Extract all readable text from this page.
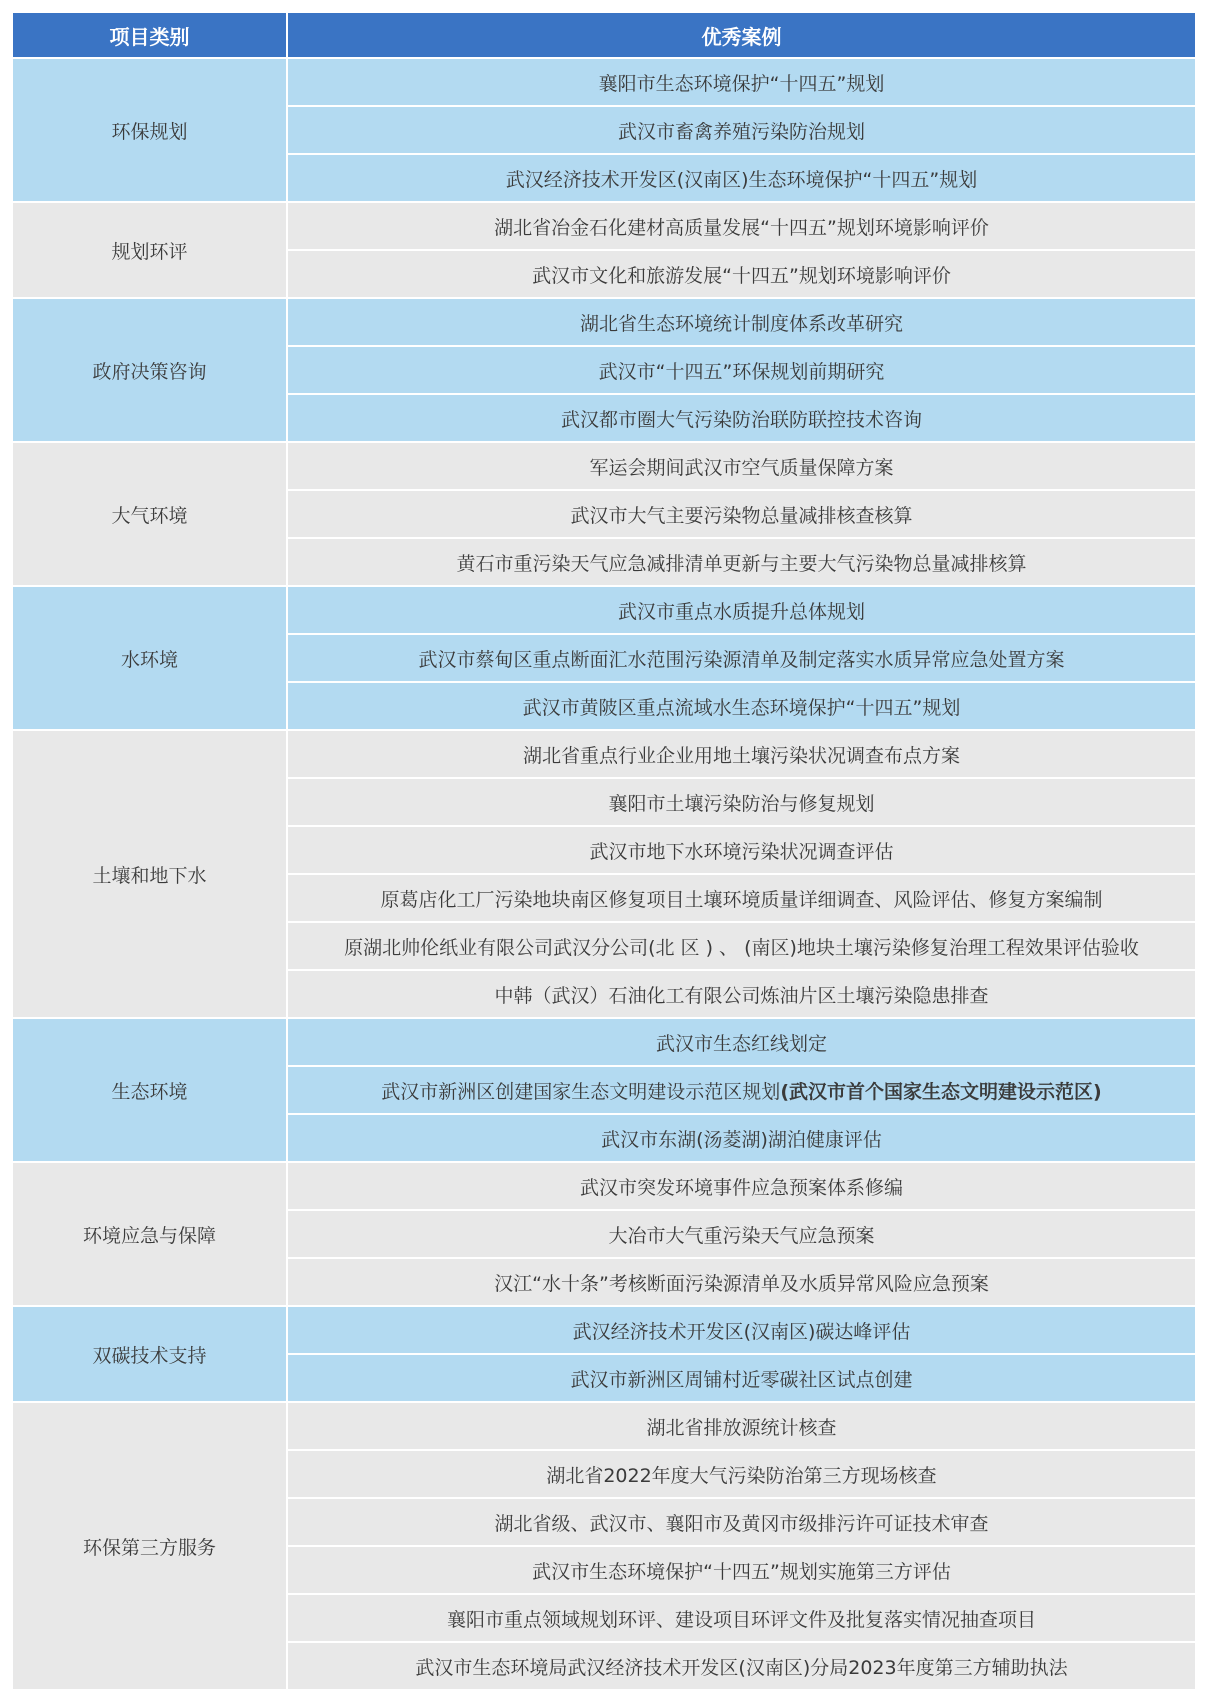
项目类别	优秀案例
环保规划	襄阳市生态环境保护“十四五”规划
	武汉市畜禽养殖污染防治规划
	武汉经济技术开发区(汉南区)生态环境保护“十四五”规划
规划环评	湖北省冶金石化建材高质量发展“十四五”规划环境影响评价
	武汉市文化和旅游发展“十四五”规划环境影响评价
政府决策咨询	湖北省生态环境统计制度体系改革研究
	武汉市“十四五”环保规划前期研究
	武汉都市圈大气污染防治联防联控技术咨询
大气环境	军运会期间武汉市空气质量保障方案
	武汉市大气主要污染物总量减排核查核算
	黄石市重污染天气应急减排清单更新与主要大气污染物总量减排核算
水环境	武汉市重点水质提升总体规划
	武汉市蔡甸区重点断面汇水范围污染源清单及制定落实水质异常应急处置方案
	武汉市黄陂区重点流域水生态环境保护“十四五”规划
土壤和地下水	湖北省重点行业企业用地土壤污染状况调查布点方案
	襄阳市土壤污染防治与修复规划
	武汉市地下水环境污染状况调查评估
	原葛店化工厂污染地块南区修复项目土壤环境质量详细调查、风险评估、修复方案编制
	原湖北帅伦纸业有限公司武汉分公司(北 区 ) 、 (南区)地块土壤污染修复治理工程效果评估验收
	中韩（武汉）石油化工有限公司炼油片区土壤污染隐患排查
生态环境	武汉市生态红线划定
	武汉市新洲区创建国家生态文明建设示范区规划(武汉市首个国家生态文明建设示范区)
	武汉市东湖(汤菱湖)湖泊健康评估
环境应急与保障	武汉市突发环境事件应急预案体系修编
	大冶市大气重污染天气应急预案
	汉江“水十条”考核断面污染源清单及水质异常风险应急预案
双碳技术支持	武汉经济技术开发区(汉南区)碳达峰评估
	武汉市新洲区周铺村近零碳社区试点创建
环保第三方服务	湖北省排放源统计核查
	湖北省2022年度大气污染防治第三方现场核查
	湖北省级、武汉市、襄阳市及黄冈市级排污许可证技术审查
	武汉市生态环境保护“十四五”规划实施第三方评估
	襄阳市重点领域规划环评、建设项目环评文件及批复落实情况抽查项目
	武汉市生态环境局武汉经济技术开发区(汉南区)分局2023年度第三方辅助执法
